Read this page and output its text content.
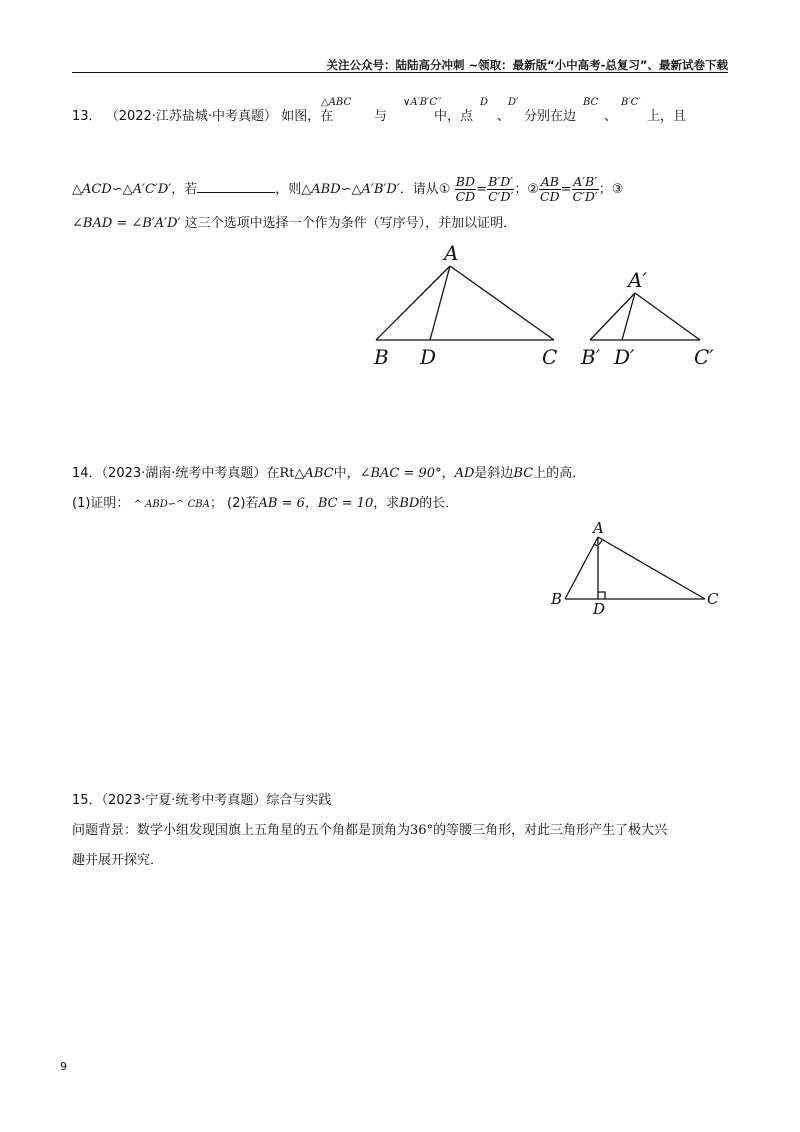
关注公众号：陆陆高分冲刺 ~领取：最新版“小中高考-总复习”、最新试卷下载
13． （2022·江苏盐城·中考真题） 如图，在
△ABC
与
∨A′B′C′′
中，点
D
、
D′
分别在边
BC
、
B′C′
上，且
△ACD∽△A′C′D′，若	，则△ABD∽△A′B′D′．请从① $\frac{BD}{CD} = \frac{B'D'}{C'D'}$ ；② $\frac{AB}{CD} = \frac{A'B'}{C'D'}$ ；③
∠BAD = ∠B′A′D′ 这三个选项中选择一个作为条件（写序号），并加以证明．
A
B D	C
A′
B′ D′	C′
14．（2023·湖南·统考中考真题）在Rt△ABC中，∠BAC = 90°，AD是斜边BC上的高．
(1)证明： ^ ABD∽^ CBA； (2)若AB = 6，BC = 10，求BD的长．
A
B
D
C
15．（2023·宁夏·统考中考真题）综合与实践
问题背景：数学小组发现国旗上五角星的五个角都是顶角为36°的等腰三角形，对此三角形产生了极大兴
趣并展开探究．
9
